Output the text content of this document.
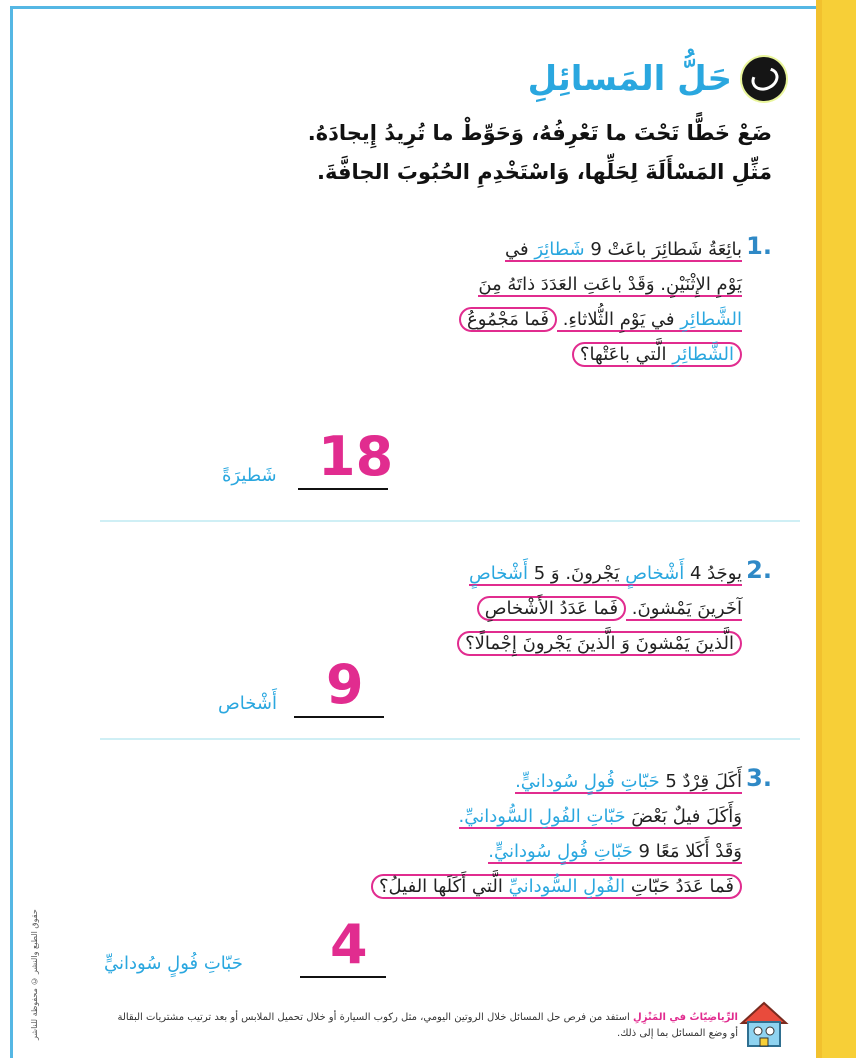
حقوق الطبع والنشر © محفوظة للناشر
حَلُّ المَسائِلِ
ضَعْ خَطًّا تَحْتَ ما تَعْرِفُهُ، وَحَوِّطْ ما تُرِيدُ إِيجادَهُ.
مَثِّلِ المَسْأَلَةَ لِحَلِّها، وَاسْتَخْدِمِ الحُبُوبَ الجافَّةَ.
1.
بائِعَةُ شَطائِرَ باعَتْ 9 شَطائِرَ في
يَوْمِ الإِثْنَيْنِ. وَقَدْ باعَتِ العَدَدَ ذاتَهُ مِنَ
الشَّطائِرِ في يَوْمِ الثُّلاثاءِ. فَما مَجْمُوعُ
الشَّطائِرِ الَّتي باعَتْها؟
شَطيرَةً 18
2.
يوجَدُ 4 أَشْخاصٍ يَجْرونَ. وَ 5 أَشْخاصٍ
آخَرينَ يَمْشونَ. فَما عَدَدُ الأَشْخاصِ
الَّذينَ يَمْشونَ وَ الَّذينَ يَجْرونَ إِجْمالًا؟
أَشْخاص 9
3.
أَكَلَ قِرْدٌ 5 حَبّاتِ فُولٍ سُودانيٍّ.
وَأَكَلَ فيلٌ بَعْضَ حَبّاتِ الفُولِ السُّودانيِّ.
وَقَدْ أَكَلا مَعًا 9 حَبّاتِ فُولٍ سُودانيٍّ.
فَما عَدَدُ حَبّاتِ الفُولِ السُّودانيِّ الَّتي أَكَلَها الفيلُ؟
حَبّاتِ فُولٍ سُودانيٍّ 4
الرِّياضِيّاتُ في المَنْزِلِ استفد من فرص حل المسائل خلال الروتين اليومي، مثل ركوب السيارة أو خلال تحميل الملابس أو بعد ترتيب مشتريات البقالة أو وضع المسائل بما إلى ذلك.
